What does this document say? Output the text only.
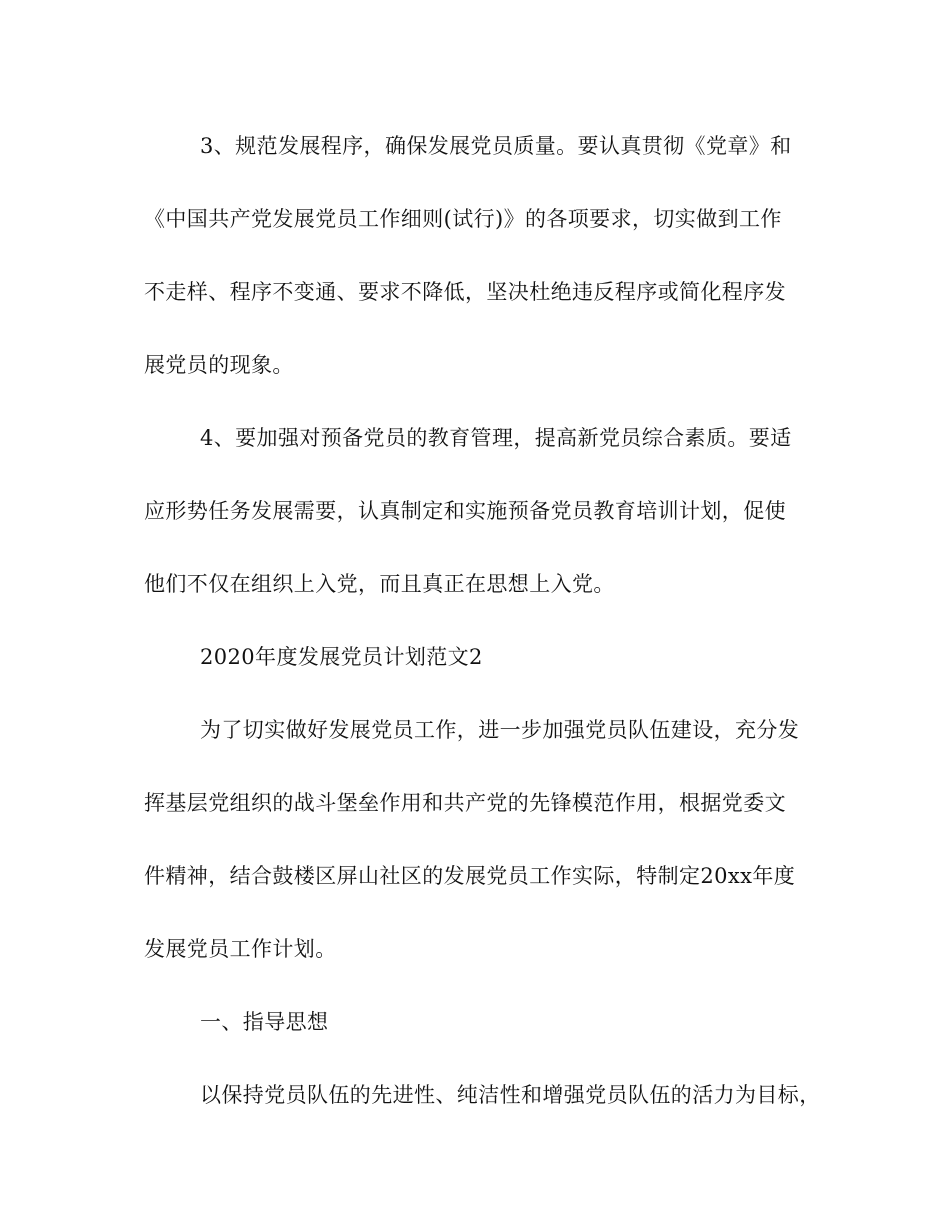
3、规范发展程序，确保发展党员质量。要认真贯彻《党章》和
《中国共产党发展党员工作细则(试行)》的各项要求，切实做到工作
不走样、程序不变通、要求不降低，坚决杜绝违反程序或简化程序发
展党员的现象。
4、要加强对预备党员的教育管理，提高新党员综合素质。要适
应形势任务发展需要，认真制定和实施预备党员教育培训计划，促使
他们不仅在组织上入党，而且真正在思想上入党。
2020年度发展党员计划范文2
为了切实做好发展党员工作，进一步加强党员队伍建设，充分发
挥基层党组织的战斗堡垒作用和共产党的先锋模范作用，根据党委文
件精神，结合鼓楼区屏山社区的发展党员工作实际，特制定20xx年度
发展党员工作计划。
一、指导思想
以保持党员队伍的先进性、纯洁性和增强党员队伍的活力为目标，
